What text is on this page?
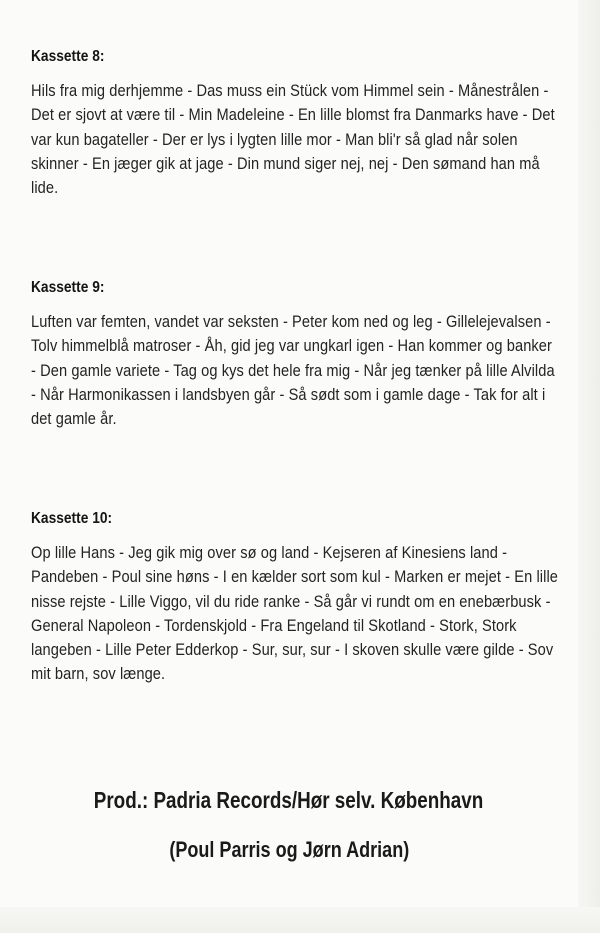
Kassette 8:

Hils fra mig derhjemme - Das muss ein Stück vom Himmel sein - Månestrålen - Det er sjovt at være til - Min Madeleine - En lille blomst fra Danmarks have - Det var kun bagateller - Der er lys i lygten lille mor - Man bli'r så glad når solen skinner - En jæger gik at jage - Din mund siger nej, nej - Den sømand han må lide.

Kassette 9:

Luften var femten, vandet var seksten - Peter kom ned og leg - Gillelejevalsen - Tolv himmelblå matroser - Åh, gid jeg var ungkarl igen - Han kommer og banker - Den gamle variete - Tag og kys det hele fra mig - Når jeg tænker på lille Alvilda - Når Harmonikassen i landsbyen går - Så sødt som i gamle dage - Tak for alt i det gamle år.

Kassette 10:

Op lille Hans - Jeg gik mig over sø og land - Kejseren af Kinesiens land - Pandeben - Poul sine høns - I en kælder sort som kul - Marken er mejet - En lille nisse rejste - Lille Viggo, vil du ride ranke - Så går vi rundt om en enebærbusk - General Napoleon - Tordenskjold - Fra Engeland til Skotland - Stork, Stork langeben - Lille Peter Edderkop - Sur, sur, sur - I skoven skulle være gilde - Sov mit barn, sov længe.

Prod.: Padria Records/Hør selv. København
(Poul Parris og Jørn Adrian)
